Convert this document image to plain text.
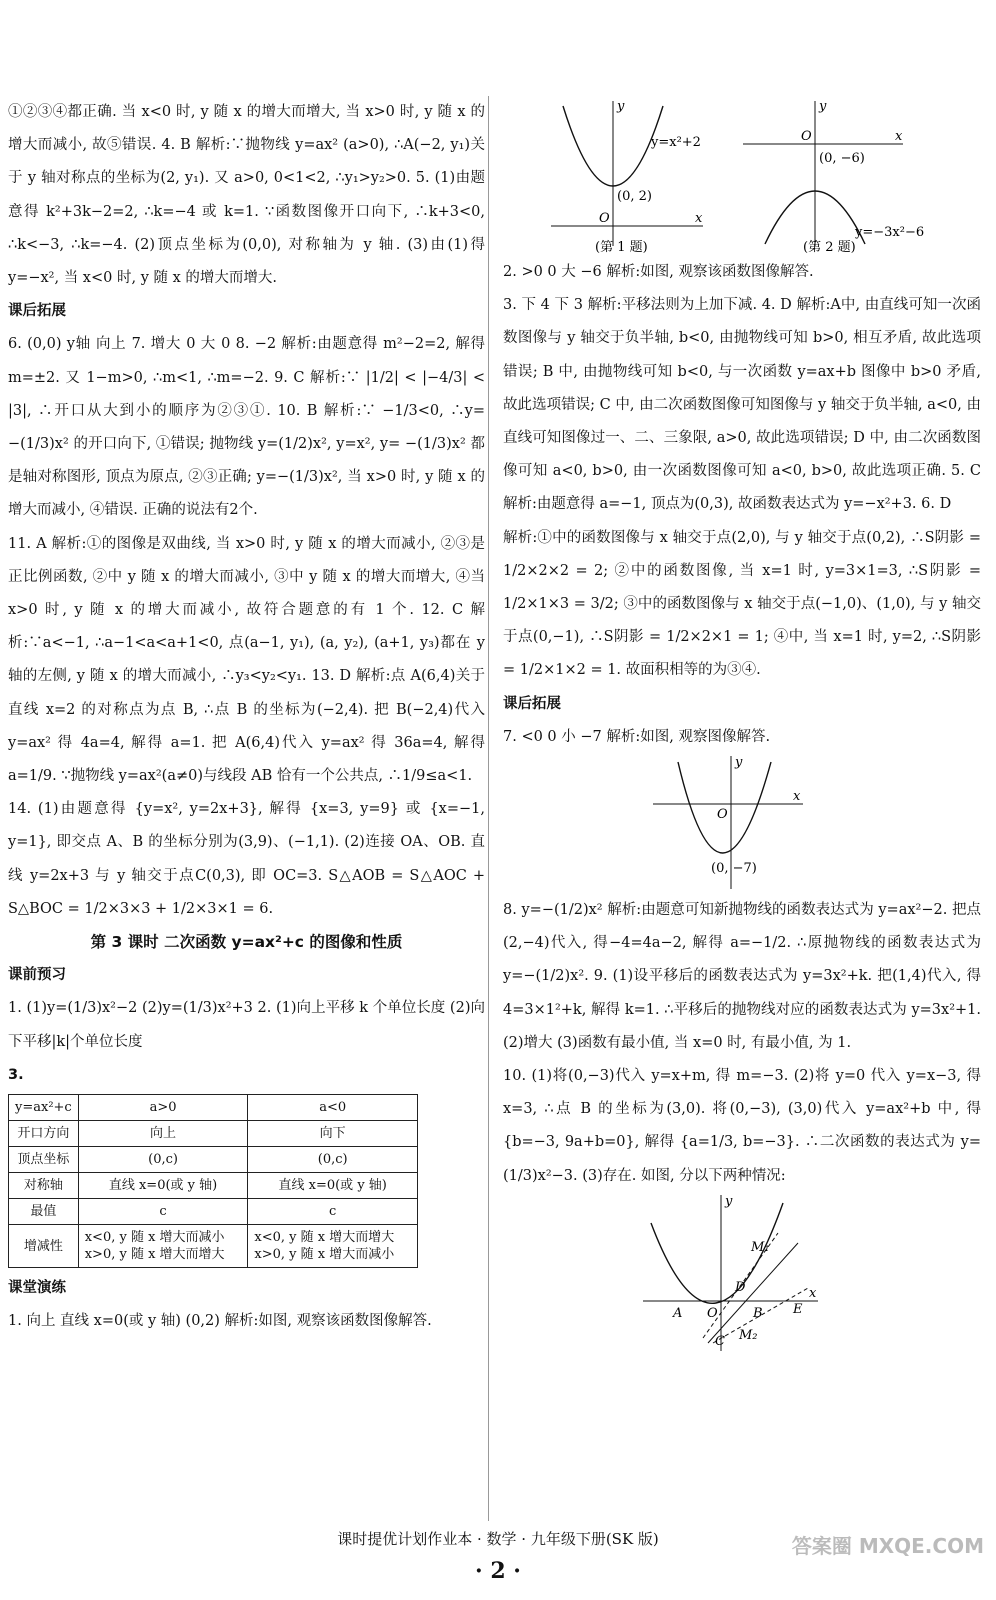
①②③④都正确. 当 x<0 时, y 随 x 的增大而增大, 当 x>0 时, y 随 x 的增大而减小, 故⑤错误. 4. B 解析:∵抛物线 y=ax² (a>0), ∴A(−2, y₁)关于 y 轴对称点的坐标为(2, y₁). 又 a>0, 0<1<2, ∴y₁>y₂>0. 5. (1)由题意得 k²+3k−2=2, ∴k=−4 或 k=1. ∵函数图像开口向下, ∴k+3<0, ∴k<−3, ∴k=−4. (2)顶点坐标为(0,0), 对称轴为 y 轴. (3)由(1)得 y=−x², 当 x<0 时, y 随 x 的增大而增大.

课后拓展

6. (0,0) y轴 向上 7. 增大 0 大 0 8. −2 解析:由题意得 m²−2=2, 解得 m=±2. 又 1−m>0, ∴m<1, ∴m=−2. 9. C 解析:∵ |1/2| < |−4/3| < |3|, ∴开口从大到小的顺序为②③①. 10. B 解析:∵ −1/3<0, ∴y= −(1/3)x² 的开口向下, ①错误; 抛物线 y=(1/2)x², y=x², y= −(1/3)x² 都是轴对称图形, 顶点为原点, ②③正确; y=−(1/3)x², 当 x>0 时, y 随 x 的增大而减小, ④错误. 正确的说法有2个.

11. A 解析:①的图像是双曲线, 当 x>0 时, y 随 x 的增大而减小, ②③是正比例函数, ②中 y 随 x 的增大而减小, ③中 y 随 x 的增大而增大, ④当 x>0 时, y 随 x 的增大而减小, 故符合题意的有 1 个. 12. C 解析:∵a<−1, ∴a−1<a<a+1<0, 点(a−1, y₁), (a, y₂), (a+1, y₃)都在 y 轴的左侧, y 随 x 的增大而减小, ∴y₃<y₂<y₁. 13. D 解析:点 A(6,4)关于直线 x=2 的对称点为点 B, ∴点 B 的坐标为(−2,4). 把 B(−2,4)代入 y=ax² 得 4a=4, 解得 a=1. 把 A(6,4)代入 y=ax² 得 36a=4, 解得 a=1/9. ∵抛物线 y=ax²(a≠0)与线段 AB 恰有一个公共点, ∴1/9≤a<1.

14. (1)由题意得 {y=x², y=2x+3}, 解得 {x=3, y=9} 或 {x=−1, y=1}, 即交点 A、B 的坐标分别为(3,9)、(−1,1). (2)连接 OA、OB. 直线 y=2x+3 与 y 轴交于点C(0,3), 即 OC=3. S△AOB = S△AOC + S△BOC = 1/2×3×3 + 1/2×3×1 = 6.

第 3 课时 二次函数 y=ax²+c 的图像和性质

课前预习

1. (1)y=(1/3)x²−2 (2)y=(1/3)x²+3 2. (1)向上平移 k 个单位长度 (2)向下平移|k|个单位长度

3.

y=ax²+c	a>0	a<0
开口方向	向上	向下
顶点坐标	(0,c)	(0,c)
对称轴	直线 x=0(或 y 轴)	直线 x=0(或 y 轴)
最值	c	c
增减性	x<0, y 随 x 增大而减小 x>0, y 随 x 增大而增大	x<0, y 随 x 增大而增大 x>0, y 随 x 增大而减小

课堂演练

1. 向上 直线 x=0(或 y 轴) (0,2) 解析:如图, 观察该函数图像解答.

y
x
O
y=x²+2
(0, 2)
(第 1 题)
y
x
O
(0, −6)
y=−3x²−6
(第 2 题)

2. >0 0 大 −6 解析:如图, 观察该函数图像解答.

3. 下 4 下 3 解析:平移法则为上加下减. 4. D 解析:A中, 由直线可知一次函数图像与 y 轴交于负半轴, b<0, 由抛物线可知 b>0, 相互矛盾, 故此选项错误; B 中, 由抛物线可知 b<0, 与一次函数 y=ax+b 图像中 b>0 矛盾, 故此选项错误; C 中, 由二次函数图像可知图像与 y 轴交于负半轴, a<0, 由直线可知图像过一、二、三象限, a>0, 故此选项错误; D 中, 由二次函数图像可知 a<0, b>0, 由一次函数图像可知 a<0, b>0, 故此选项正确. 5. C 解析:由题意得 a=−1, 顶点为(0,3), 故函数表达式为 y=−x²+3. 6. D

解析:①中的函数图像与 x 轴交于点(2,0), 与 y 轴交于点(0,2), ∴S阴影 = 1/2×2×2 = 2; ②中的函数图像, 当 x=1 时, y=3×1=3, ∴S阴影 = 1/2×1×3 = 3/2; ③中的函数图像与 x 轴交于点(−1,0)、(1,0), 与 y 轴交于点(0,−1), ∴S阴影 = 1/2×2×1 = 1; ④中, 当 x=1 时, y=2, ∴S阴影 = 1/2×1×2 = 1. 故面积相等的为③④.

课后拓展

7. <0 0 小 −7 解析:如图, 观察图像解答.

y
x
O
(0, −7)

8. y=−(1/2)x² 解析:由题意可知新抛物线的函数表达式为 y=ax²−2. 把点(2,−4)代入, 得−4=4a−2, 解得 a=−1/2. ∴原抛物线的函数表达式为 y=−(1/2)x². 9. (1)设平移后的函数表达式为 y=3x²+k. 把(1,4)代入, 得 4=3×1²+k, 解得 k=1. ∴平移后的抛物线对应的函数表达式为 y=3x²+1. (2)增大 (3)函数有最小值, 当 x=0 时, 有最小值, 为 1.

10. (1)将(0,−3)代入 y=x+m, 得 m=−3. (2)将 y=0 代入 y=x−3, 得 x=3, ∴点 B 的坐标为(3,0). 将(0,−3), (3,0)代入 y=ax²+b 中, 得 {b=−3, 9a+b=0}, 解得 {a=1/3, b=−3}. ∴二次函数的表达式为 y=(1/3)x²−3. (3)存在. 如图, 分以下两种情况:

y
x
O
A	B
C
D
E
M₁
M₂
课时提优计划作业本 · 数学 · 九年级下册(SK 版)
· 2 ·
答案圈 MXQE.COM
